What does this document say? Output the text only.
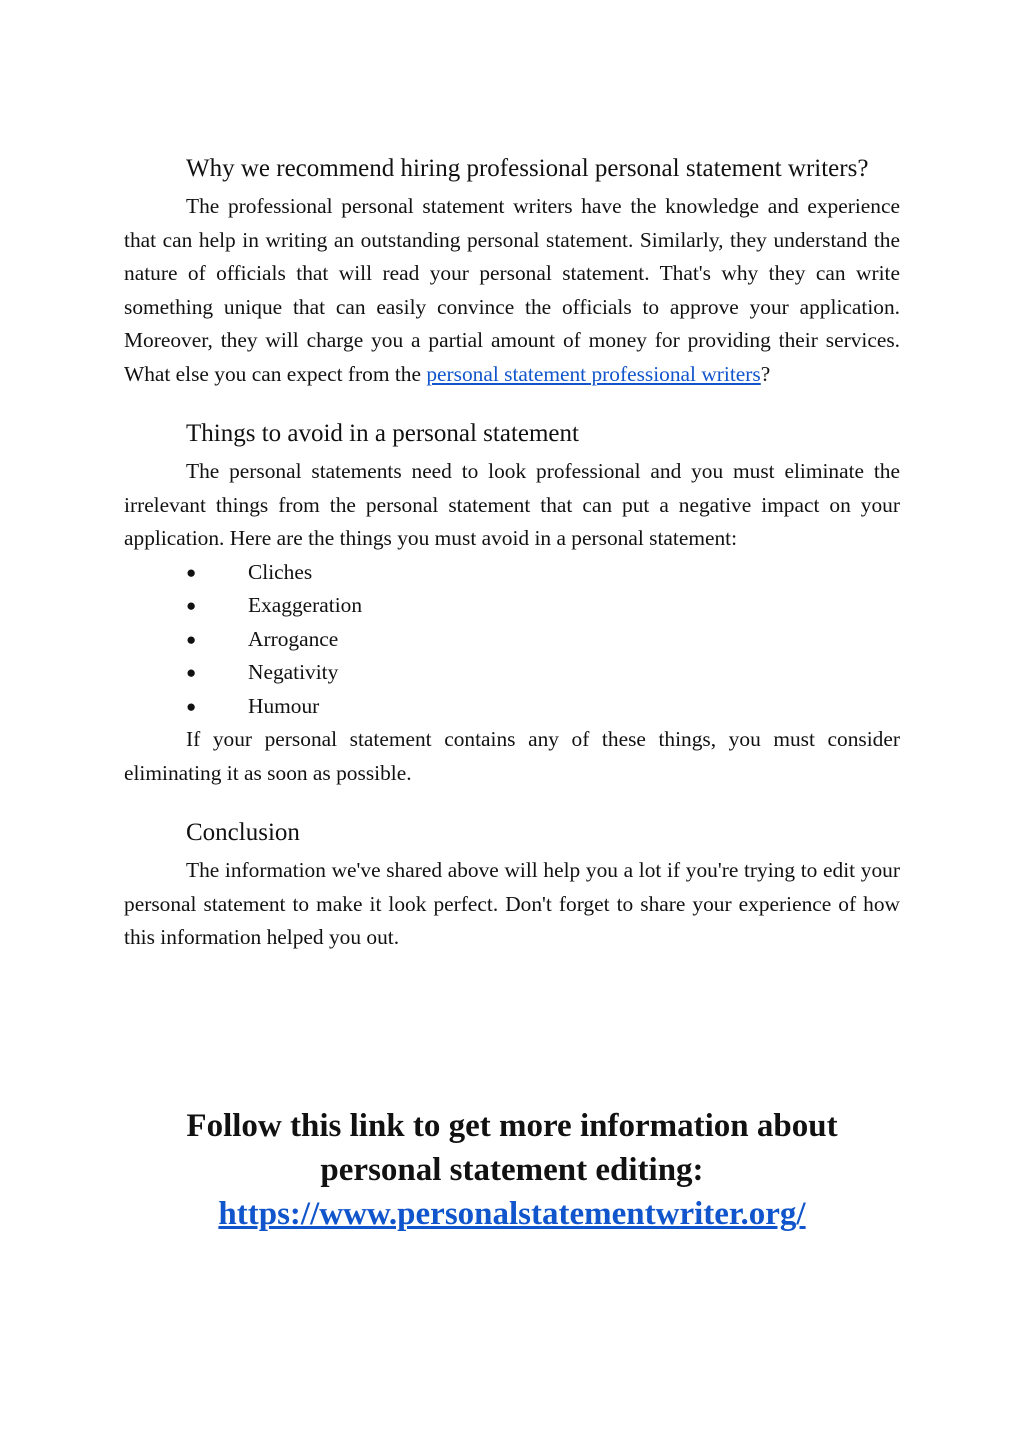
Why we recommend hiring professional personal statement writers?

The professional personal statement writers have the knowledge and experience that can help in writing an outstanding personal statement. Similarly, they understand the nature of officials that will read your personal statement. That's why they can write something unique that can easily convince the officials to approve your application. Moreover, they will charge you a partial amount of money for providing their services. What else you can expect from the personal statement professional writers?

Things to avoid in a personal statement

The personal statements need to look professional and you must eliminate the irrelevant things from the personal statement that can put a negative impact on your application. Here are the things you must avoid in a personal statement:

● Cliches
● Exaggeration
● Arrogance
● Negativity
● Humour

If your personal statement contains any of these things, you must consider eliminating it as soon as possible.

Conclusion

The information we've shared above will help you a lot if you're trying to edit your personal statement to make it look perfect. Don't forget to share your experience of how this information helped you out.

Follow this link to get more information about
personal statement editing:
https://www.personalstatementwriter.org/
